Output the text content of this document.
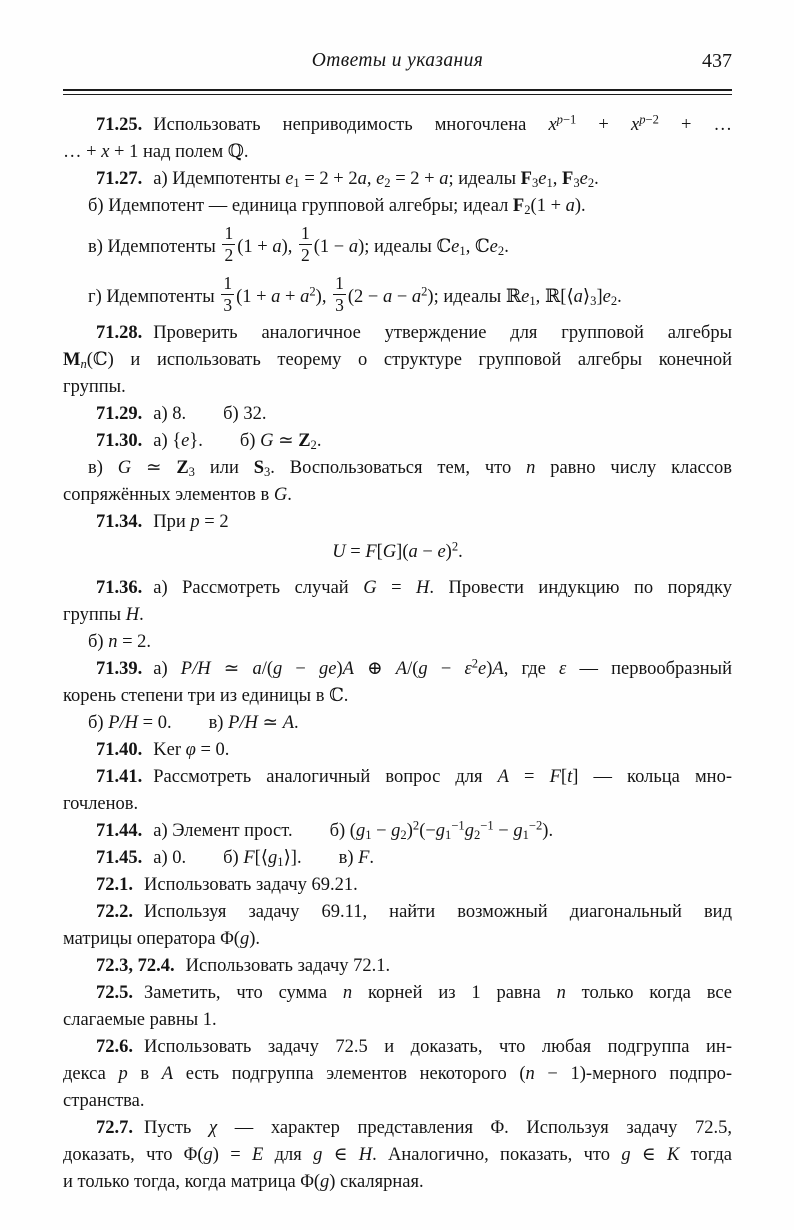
Ответы и указания	437
71.25. Использовать неприводимость многочлена $x^{p-1} + x^{p-2}$ + …
… + x + 1 над полем ℚ.
71.27. а) Идемпотенты $e_1 = 2 + 2a$, $e_2 = 2 + a$; идеалы $F_3e_1$, $F_3e_2$.
б) Идемпотент — единица групповой алгебры; идеал $F_2(1 + a)$.
в) Идемпотенты $\frac{1}{2} (1 + a)$, $\frac{1}{2} (1 - a)$; идеалы ℂe$_1$, ℂe$_2$.
г) Идемпотенты $\frac{1}{3} (1 + a + a^2)$, $\frac{1}{3} (2 - a - a^2)$; идеалы ℝe$_1$, $ℝ[⟨a⟩_3]e_2$.
71.28. Проверить аналогичное утверждение для групповой алгебры
$M_n(ℂ)$ и использовать теорему о структуре групповой алгебры конечной
группы.
71.29. а) 8.        б) 32.
71.30. а) {e}.        б) G ≃ $Z_2$.
в) G ≃ $Z_3$ или $S_3$. Воспользоваться тем, что n равно числу классов
сопряжённых элементов в G.
71.34. При p = 2
$U = F[G](a - e)^2$.
71.36. а) Рассмотреть случай G = H. Провести индукцию по порядку
группы H.
б) n = 2.
71.39. а) P/H ≃ a/(g − ge)A ⊕ $A/(g - \varepsilon^2e)A$, где ε — первообразный
корень степени три из единицы в ℂ.
б) P/H = 0.        в) P/H ≃ A.
71.40. Ker φ = 0.
71.41. Рассмотреть аналогичный вопрос для A = F[t] — кольца мно-
гочленов.
71.44. а) Элемент прост.        б) $(g_1 - g_2)^2(-g_1^{-1}g_2^{-1} - g_1^{-2})$.
71.45. а) 0.        б) $F[⟨g_1⟩]$.        в) F.
72.1. Использовать задачу 69.21.
72.2. Используя задачу 69.11, найти возможный диагональный вид
матрицы оператора Φ(g).
72.3, 72.4. Использовать задачу 72.1.
72.5. Заметить, что сумма n корней из 1 равна n только когда все
слагаемые равны 1.
72.6. Использовать задачу 72.5 и доказать, что любая подгруппа ин-
декса p в A есть подгруппа элементов некоторого (n − 1)-мерного подпро-
странства.
72.7. Пусть χ — характер представления Φ. Используя задачу 72.5,
доказать, что Φ(g) = E для g ∈ H. Аналогично, показать, что g ∈ K тогда
и только тогда, когда матрица Φ(g) скалярная.
